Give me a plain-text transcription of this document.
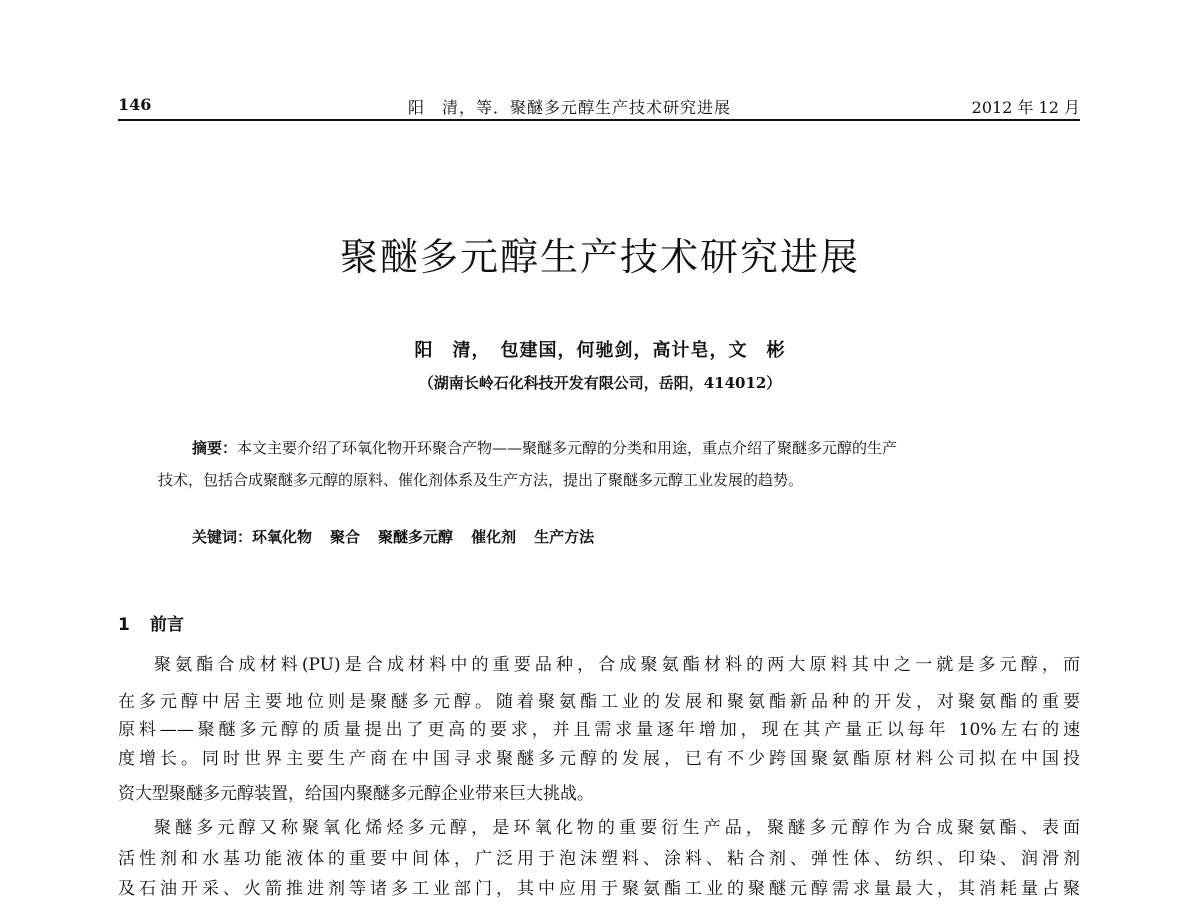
146	阳　清，等．聚醚多元醇生产技术研究进展	2012 年 12 月
聚醚多元醇生产技术研究进展
阳　清，　包建国，何驰剑，高计皂，文　彬
（湖南长岭石化科技开发有限公司，岳阳，414012）
摘要：本文主要介绍了环氧化物开环聚合产物——聚醚多元醇的分类和用途，重点介绍了聚醚多元醇的生产
技术，包括合成聚醚多元醇的原料、催化剂体系及生产方法，提出了聚醚多元醇工业发展的趋势。
关键词：环氧化物 聚合 聚醚多元醇 催化剂 生产方法
1 前言
聚氨酯合成材料(PU)是合成材料中的重要品种，合成聚氨酯材料的两大原料其中之一就是多元醇，而
在多元醇中居主要地位则是聚醚多元醇。随着聚氨酯工业的发展和聚氨酯新品种的开发，对聚氨酯的重要
原料——聚醚多元醇的质量提出了更高的要求，并且需求量逐年增加，现在其产量正以每年 10%左右的速
度增长。同时世界主要生产商在中国寻求聚醚多元醇的发展，已有不少跨国聚氨酯原材料公司拟在中国投
资大型聚醚多元醇装置，给国内聚醚多元醇企业带来巨大挑战。
聚醚多元醇又称聚氧化烯烃多元醇，是环氧化物的重要衍生产品，聚醚多元醇作为合成聚氨酯、表面
活性剂和水基功能液体的重要中间体，广泛用于泡沫塑料、涂料、粘合剂、弹性体、纺织、印染、润滑剂
及石油开采、火箭推进剂等诸多工业部门，其中应用于聚氨酯工业的聚醚元醇需求量最大，其消耗量占聚
